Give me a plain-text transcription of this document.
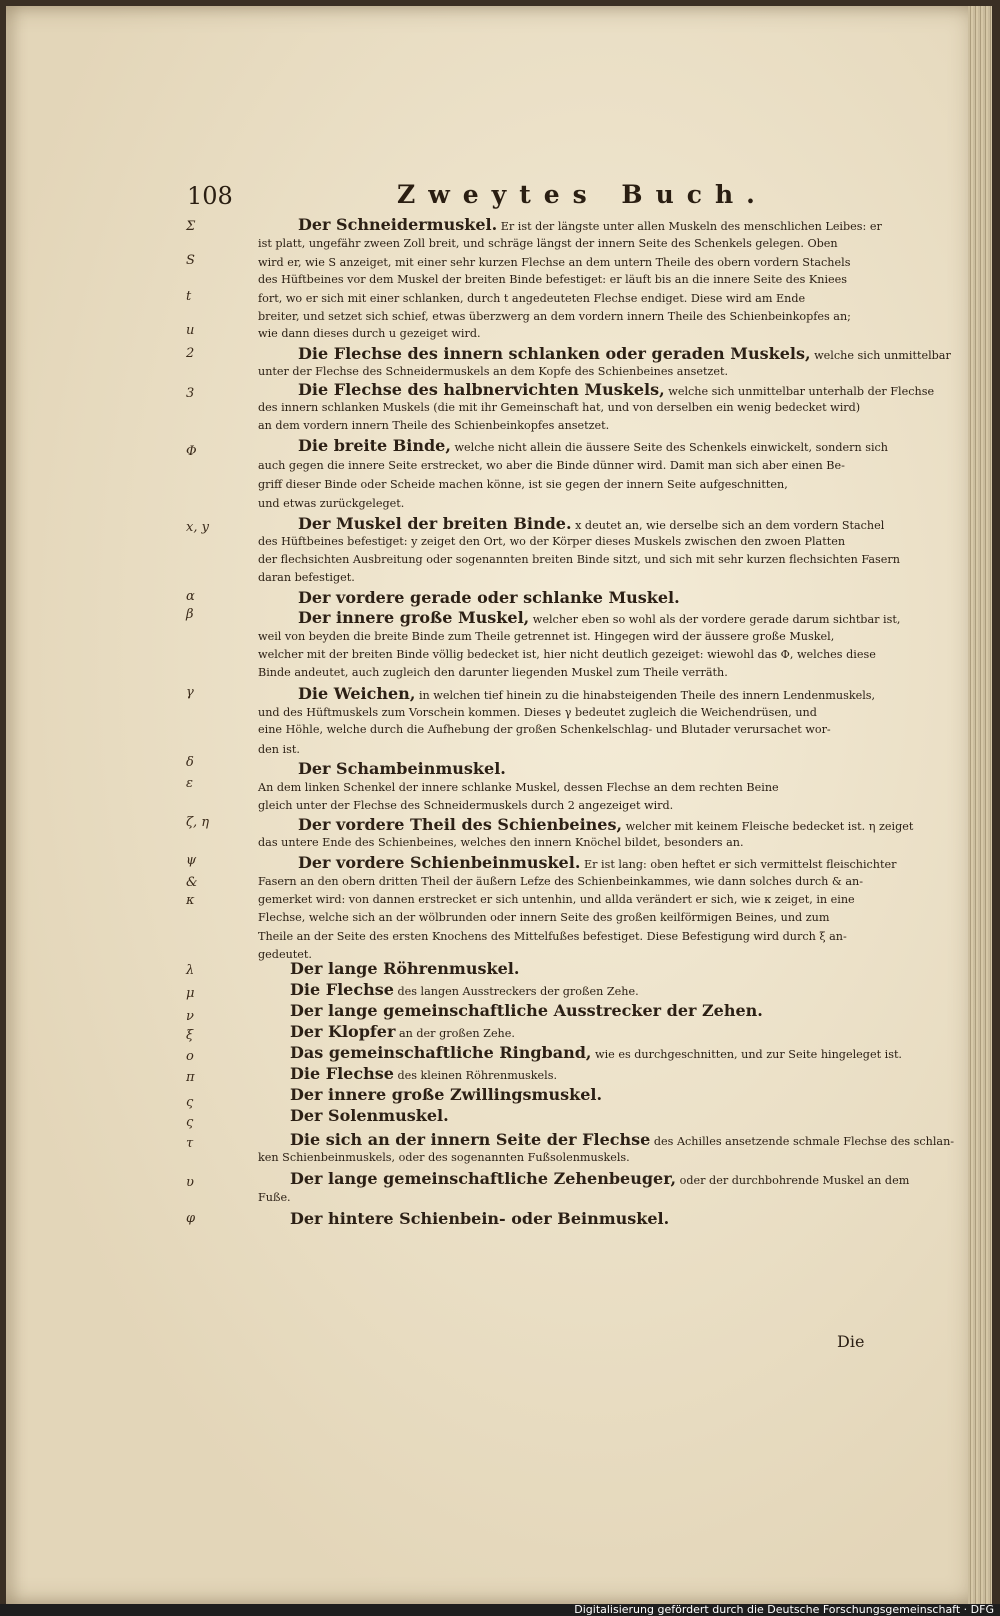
108	Zweytes Buch.
Der Schneidermuskel. Er ist der längste unter allen Muskeln des menschlichen Leibes: er
ist platt, ungefähr zween Zoll breit, und schräge längst der innern Seite des Schenkels gelegen. Oben
wird er, wie S anzeiget, mit einer sehr kurzen Flechse an dem untern Theile des obern vordern Stachels
des Hüftbeines vor dem Muskel der breiten Binde befestiget: er läuft bis an die innere Seite des Kniees
fort, wo er sich mit einer schlanken, durch t angedeuteten Flechse endiget. Diese wird am Ende
breiter, und setzet sich schief, etwas überzwerg an dem vordern innern Theile des Schienbeinkopfes an;
wie dann dieses durch u gezeiget wird.
Die Flechse des innern schlanken oder geraden Muskels, welche sich unmittelbar
unter der Flechse des Schneidermuskels an dem Kopfe des Schienbeines ansetzet.
Die Flechse des halbnervichten Muskels, welche sich unmittelbar unterhalb der Flechse
des innern schlanken Muskels (die mit ihr Gemeinschaft hat, und von derselben ein wenig bedecket wird)
an dem vordern innern Theile des Schienbeinkopfes ansetzet.
Die breite Binde, welche nicht allein die äussere Seite des Schenkels einwickelt, sondern sich
auch gegen die innere Seite erstrecket, wo aber die Binde dünner wird. Damit man sich aber einen Be-
griff dieser Binde oder Scheide machen könne, ist sie gegen der innern Seite aufgeschnitten,
und etwas zurückgeleget.
Der Muskel der breiten Binde. x deutet an, wie derselbe sich an dem vordern Stachel
des Hüftbeines befestiget: y zeiget den Ort, wo der Körper dieses Muskels zwischen den zwoen Platten
der flechsichten Ausbreitung oder sogenannten breiten Binde sitzt, und sich mit sehr kurzen flechsichten Fasern
daran befestiget.
Der vordere gerade oder schlanke Muskel.
Der innere große Muskel, welcher eben so wohl als der vordere gerade darum sichtbar ist,
weil von beyden die breite Binde zum Theile getrennet ist. Hingegen wird der äussere große Muskel,
welcher mit der breiten Binde völlig bedecket ist, hier nicht deutlich gezeiget: wiewohl das Φ, welches diese
Binde andeutet, auch zugleich den darunter liegenden Muskel zum Theile verräth.
Die Weichen, in welchen tief hinein zu die hinabsteigenden Theile des innern Lendenmuskels,
und des Hüftmuskels zum Vorschein kommen. Dieses γ bedeutet zugleich die Weichendrüsen, und
eine Höhle, welche durch die Aufhebung der großen Schenkelschlag- und Blutader verursachet wor-
den ist.
Der Schambeinmuskel.
An dem linken Schenkel der innere schlanke Muskel, dessen Flechse an dem rechten Beine
gleich unter der Flechse des Schneidermuskels durch 2 angezeiget wird.
Der vordere Theil des Schienbeines, welcher mit keinem Fleische bedecket ist. η zeiget
das untere Ende des Schienbeines, welches den innern Knöchel bildet, besonders an.
Der vordere Schienbeinmuskel. Er ist lang: oben heftet er sich vermittelst fleischichter
Fasern an den obern dritten Theil der äußern Lefze des Schienbeinkammes, wie dann solches durch & an-
gemerket wird: von dannen erstrecket er sich untenhin, und allda verändert er sich, wie κ zeiget, in eine
Flechse, welche sich an der wölbrunden oder innern Seite des großen keilförmigen Beines, und zum
Theile an der Seite des ersten Knochens des Mittelfußes befestiget. Diese Befestigung wird durch ξ an-
gedeutet.
Der lange Röhrenmuskel.
Die Flechse des langen Ausstreckers der großen Zehe.
Der lange gemeinschaftliche Ausstrecker der Zehen.
Der Klopfer an der großen Zehe.
Das gemeinschaftliche Ringband, wie es durchgeschnitten, und zur Seite hingeleget ist.
Die Flechse des kleinen Röhrenmuskels.
Der innere große Zwillingsmuskel.
Der Solenmuskel.
Die sich an der innern Seite der Flechse des Achilles ansetzende schmale Flechse des schlan-
ken Schienbeinmuskels, oder des sogenannten Fußsolenmuskels.
Der lange gemeinschaftliche Zehenbeuger, oder der durchbohrende Muskel an dem
Fuße.
Der hintere Schienbein- oder Beinmuskel.
Σ
S
t
u
2
3
Φ
x, y
α
β
γ
δ
ε
ζ, η
ψ
&
κ
λ
μ
ν
ξ
ο
π
ς
ς
τ
υ
φ
Die
Digitalisierung gefördert durch die Deutsche Forschungsgemeinschaft · DFG
